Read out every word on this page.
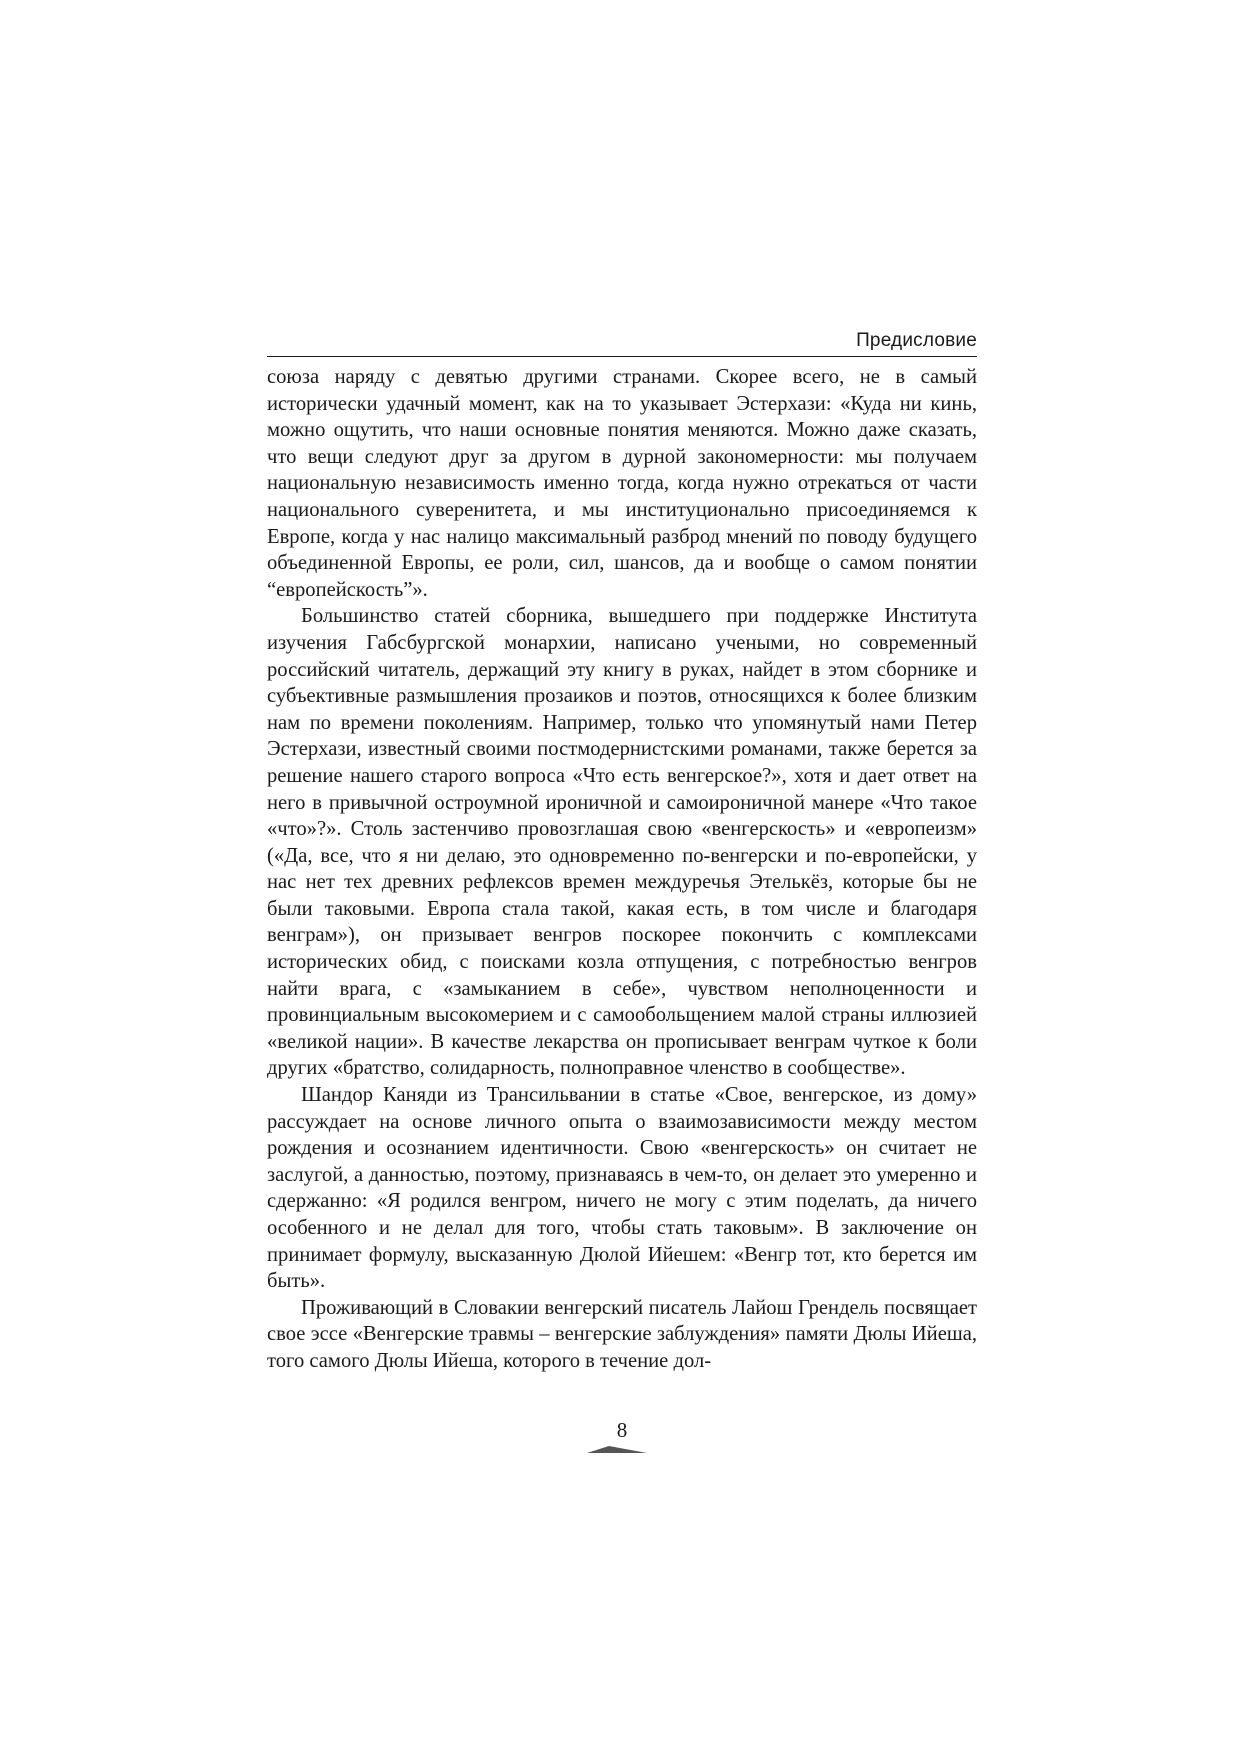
Предисловие

союза наряду с девятью другими странами. Скорее всего, не в самый исторически удачный момент, как на то указывает Эстерхази: «Куда ни кинь, можно ощутить, что наши основные понятия меняются. Можно даже сказать, что вещи следуют друг за другом в дурной закономерности: мы получаем национальную независимость именно тогда, когда нужно отрекаться от части национального суверенитета, и мы институционально присоединяемся к Европе, когда у нас налицо максимальный разброд мнений по поводу будущего объединенной Европы, ее роли, сил, шансов, да и вообще о самом понятии “европейскость”».

Большинство статей сборника, вышедшего при поддержке Института изучения Габсбургской монархии, написано учеными, но современный российский читатель, держащий эту книгу в руках, найдет в этом сборнике и субъективные размышления прозаиков и поэтов, относящихся к более близким нам по времени поколениям. Например, только что упомянутый нами Петер Эстерхази, известный своими постмодернистскими романами, также берется за решение нашего старого вопроса «Что есть венгерское?», хотя и дает ответ на него в привычной остроумной ироничной и самоироничной манере «Что такое «что»?». Столь застенчиво провозглашая свою «венгерскость» и «европеизм» («Да, все, что я ни делаю, это одновременно по-венгерски и по-европейски, у нас нет тех древних рефлексов времен междуречья Этелькёз, которые бы не были таковыми. Европа стала такой, какая есть, в том числе и благодаря венграм»), он призывает венгров поскорее покончить с комплексами исторических обид, с поисками козла отпущения, с потребностью венгров найти врага, с «замыканием в себе», чувством неполноценности и провинциальным высокомерием и с самообольщением малой страны иллюзией «великой нации». В качестве лекарства он прописывает венграм чуткое к боли других «братство, солидарность, полноправное членство в сообществе».

Шандор Каняди из Трансильвании в статье «Свое, венгерское, из дому» рассуждает на основе личного опыта о взаимозависимости между местом рождения и осознанием идентичности. Свою «венгерскость» он считает не заслугой, а данностью, поэтому, признаваясь в чем-то, он делает это умеренно и сдержанно: «Я родился венгром, ничего не могу с этим поделать, да ничего особенного и не делал для того, чтобы стать таковым». В заключение он принимает формулу, высказанную Дюлой Ийешем: «Венгр тот, кто берется им быть».

Проживающий в Словакии венгерский писатель Лайош Грендель посвящает свое эссе «Венгерские травмы – венгерские заблуждения» памяти Дюлы Ийеша, того самого Дюлы Ийеша, которого в течение дол-

8
